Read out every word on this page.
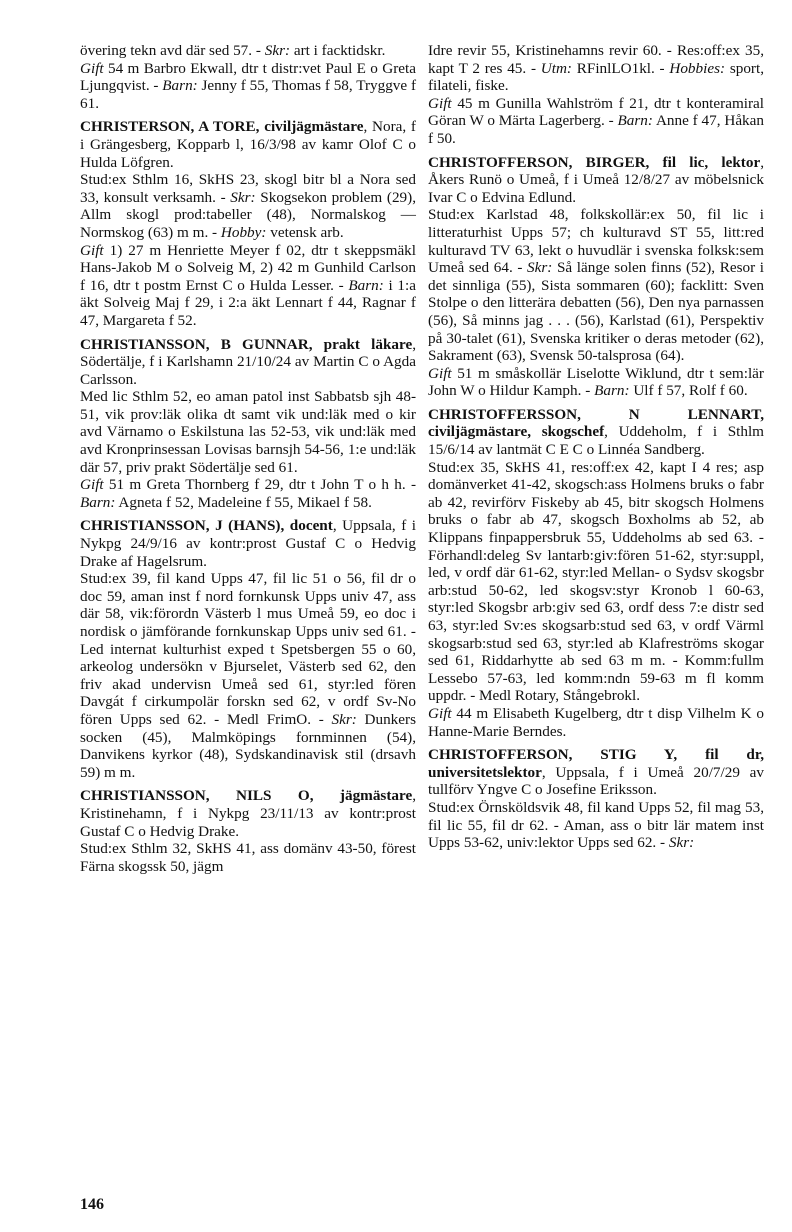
övering tekn avd där sed 57. - Skr: art i facktidskr.

Gift 54 m Barbro Ekwall, dtr t distr:vet Paul E o Greta Ljungqvist. - Barn: Jenny f 55, Thomas f 58, Tryggve f 61.

CHRISTERSON, A TORE, civiljägmästare, Nora, f i Grängesberg, Kopparb l, 16/3/98 av kamr Olof C o Hulda Löfgren.

Stud:ex Sthlm 16, SkHS 23, skogl bitr bl a Nora sed 33, konsult verksamh. - Skr: Skogsekon problem (29), Allm skogl prod:tabeller (48), Normalskog — Normskog (63) m m. - Hobby: vetensk arb.

Gift 1) 27 m Henriette Meyer f 02, dtr t skeppsmäkl Hans-Jakob M o Solveig M, 2) 42 m Gunhild Carlson f 16, dtr t postm Ernst C o Hulda Lesser. - Barn: i 1:a äkt Solveig Maj f 29, i 2:a äkt Lennart f 44, Ragnar f 47, Margareta f 52.

CHRISTIANSSON, B GUNNAR, prakt läkare, Södertälje, f i Karlshamn 21/10/24 av Martin C o Agda Carlsson.

Med lic Sthlm 52, eo aman patol inst Sabbatsb sjh 48-51, vik prov:läk olika dt samt vik und:läk med o kir avd Värnamo o Eskilstuna las 52-53, vik und:läk med avd Kronprinsessan Lovisas barnsjh 54-56, 1:e und:läk där 57, priv prakt Södertälje sed 61.

Gift 51 m Greta Thornberg f 29, dtr t John T o h h. - Barn: Agneta f 52, Madeleine f 55, Mikael f 58.

CHRISTIANSSON, J (HANS), docent, Uppsala, f i Nykpg 24/9/16 av kontr:prost Gustaf C o Hedvig Drake af Hagelsrum.

Stud:ex 39, fil kand Upps 47, fil lic 51 o 56, fil dr o doc 59, aman inst f nord fornkunsk Upps univ 47, ass där 58, vik:förordn Västerb l mus Umeå 59, eo doc i nordisk o jämförande fornkunskap Upps univ sed 61. - Led internat kulturhist exped t Spetsbergen 55 o 60, arkeolog undersökn v Bjurselet, Västerb sed 62, den friv akad undervisn Umeå sed 61, styr:led fören Davgát f cirkumpolär forskn sed 62, v ordf Sv-No fören Upps sed 62. - Medl FrimO. - Skr: Dunkers socken (45), Malmköpings fornminnen (54), Danvikens kyrkor (48), Sydskandinavisk stil (drsavh 59) m m.

CHRISTIANSSON, NILS O, jägmästare, Kristinehamn, f i Nykpg 23/11/13 av kontr:prost Gustaf C o Hedvig Drake.

Stud:ex Sthlm 32, SkHS 41, ass domänv 43-50, förest Färna skogssk 50, jägm

Idre revir 55, Kristinehamns revir 60. - Res:off:ex 35, kapt T 2 res 45. - Utm: RFinlLO1kl. - Hobbies: sport, filateli, fiske.

Gift 45 m Gunilla Wahlström f 21, dtr t konteramiral Göran W o Märta Lagerberg. - Barn: Anne f 47, Håkan f 50.

CHRISTOFFERSON, BIRGER, fil lic, lektor, Åkers Runö o Umeå, f i Umeå 12/8/27 av möbelsnick Ivar C o Edvina Edlund.

Stud:ex Karlstad 48, folkskollär:ex 50, fil lic i litteraturhist Upps 57; ch kulturavd ST 55, litt:red kulturavd TV 63, lekt o huvudlär i svenska folksk:sem Umeå sed 64. - Skr: Så länge solen finns (52), Resor i det sinnliga (55), Sista sommaren (60); facklitt: Sven Stolpe o den litterära debatten (56), Den nya parnassen (56), Så minns jag . . . (56), Karlstad (61), Perspektiv på 30-talet (61), Svenska kritiker o deras metoder (62), Sakrament (63), Svensk 50-talsprosa (64).

Gift 51 m småskollär Liselotte Wiklund, dtr t sem:lär John W o Hildur Kamph. - Barn: Ulf f 57, Rolf f 60.

CHRISTOFFERSSON, N LENNART, civiljägmästare, skogschef, Uddeholm, f i Sthlm 15/6/14 av lantmät C E C o Linnéa Sandberg.

Stud:ex 35, SkHS 41, res:off:ex 42, kapt I 4 res; asp domänverket 41-42, skogsch:ass Holmens bruks o fabr ab 42, revirförv Fiskeby ab 45, bitr skogsch Holmens bruks o fabr ab 47, skogsch Boxholms ab 52, ab Klippans finpappersbruk 55, Uddeholms ab sed 63. - Förhandl:deleg Sv lantarb:giv:fören 51-62, styr:suppl, led, v ordf där 61-62, styr:led Mellan- o Sydsv skogsbr arb:stud 50-62, led skogsv:styr Kronob l 60-63, styr:led Skogsbr arb:giv sed 63, ordf dess 7:e distr sed 63, styr:led Sv:es skogsarb:stud sed 63, v ordf Värml skogsarb:stud sed 63, styr:led ab Klafreströms skogar sed 61, Riddarhytte ab sed 63 m m. - Komm:fullm Lessebo 57-63, led komm:ndn 59-63 m fl komm uppdr. - Medl Rotary, Stångebrokl.

Gift 44 m Elisabeth Kugelberg, dtr t disp Vilhelm K o Hanne-Marie Berndes.

CHRISTOFFERSON, STIG Y, fil dr, universitetslektor, Uppsala, f i Umeå 20/7/29 av tullförv Yngve C o Josefine Eriksson.

Stud:ex Örnsköldsvik 48, fil kand Upps 52, fil mag 53, fil lic 55, fil dr 62. - Aman, ass o bitr lär matem inst Upps 53-62, univ:lektor Upps sed 62. - Skr:

146
